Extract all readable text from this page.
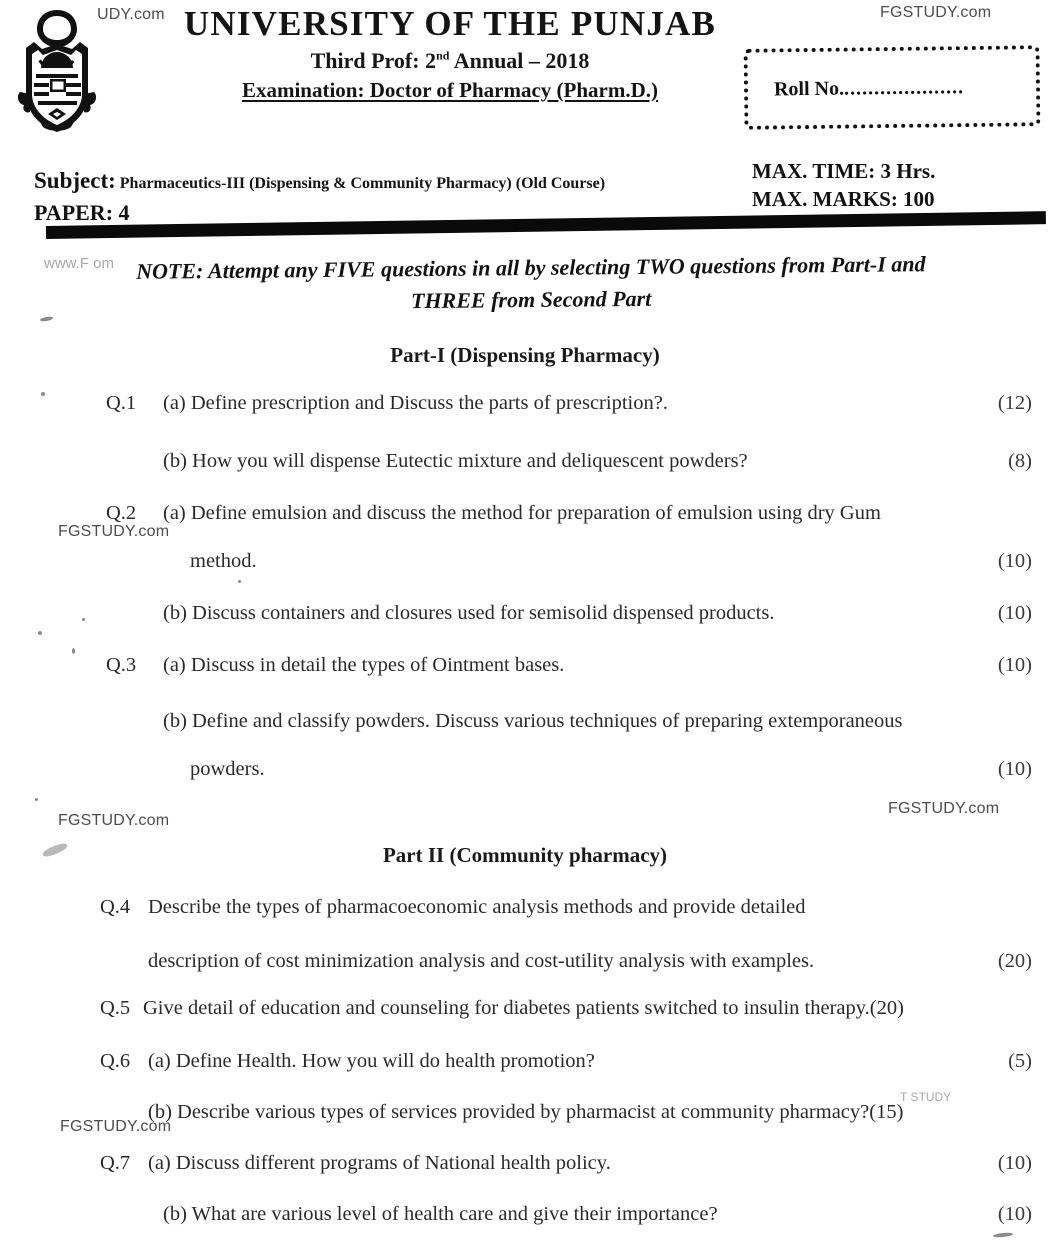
UNIVERSITY OF THE PUNJAB
Third Prof: 2nd Annual – 2018
Examination: Doctor of Pharmacy (Pharm.D.)	Roll No.....................
Subject: Pharmaceutics-III (Dispensing & Community Pharmacy) (Old Course)
PAPER: 4
MAX. TIME: 3 Hrs.
MAX. MARKS: 100
NOTE: Attempt any FIVE questions in all by selecting TWO questions from Part-I and
THREE from Second Part
Part-I (Dispensing Pharmacy)
Q.1 (a) Define prescription and Discuss the parts of prescription?.	(12)
(b) How you will dispense Eutectic mixture and deliquescent powders?	(8)
Q.2 (a) Define emulsion and discuss the method for preparation of emulsion using dry Gum
method.	(10)
(b) Discuss containers and closures used for semisolid dispensed products.	(10)
Q.3 (a) Discuss in detail the types of Ointment bases.	(10)
(b) Define and classify powders. Discuss various techniques of preparing extemporaneous
powders.	(10)
Part II (Community pharmacy)
Q.4 Describe the types of pharmacoeconomic analysis methods and provide detailed
description of cost minimization analysis and cost-utility analysis with examples.	(20)
Q.5 Give detail of education and counseling for diabetes patients switched to insulin therapy.(20)
Q.6 (a) Define Health. How you will do health promotion?	(5)
(b) Describe various types of services provided by pharmacist at community pharmacy?(15)
Q.7 (a) Discuss different programs of National health policy.	(10)
(b) What are various level of health care and give their importance?	(10)
FGSTUDY.com
UDY.com
www.F om
FGSTUDY.com
FGSTUDY.com
FGSTUDY.com
FGSTUDY.com
T STUDY
